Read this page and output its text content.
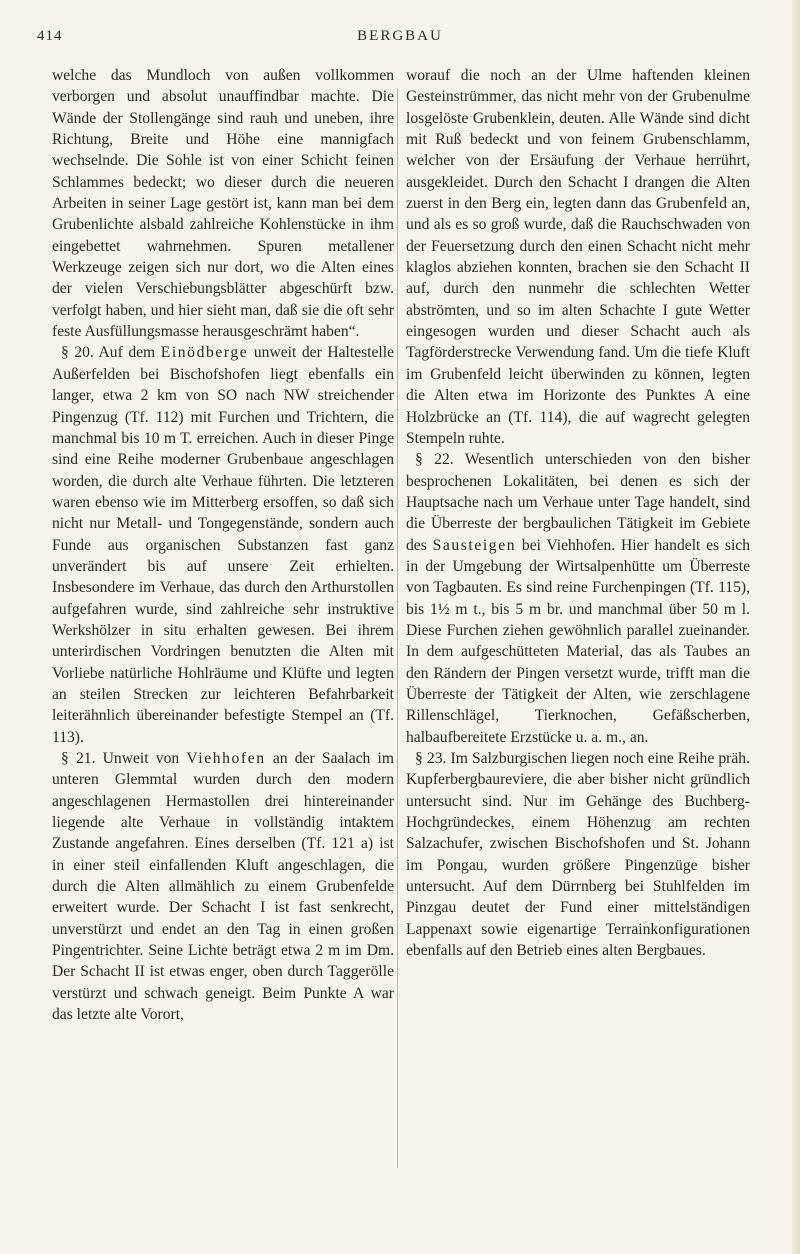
414	BERGBAU

welche das Mundloch von außen vollkommen verborgen und absolut unauffindbar machte. Die Wände der Stollengänge sind rauh und uneben, ihre Richtung, Breite und Höhe eine mannigfach wechselnde. Die Sohle ist von einer Schicht feinen Schlammes bedeckt; wo dieser durch die neueren Arbeiten in seiner Lage gestört ist, kann man bei dem Grubenlichte alsbald zahlreiche Kohlenstücke in ihm eingebettet wahrnehmen. Spuren metallener Werkzeuge zeigen sich nur dort, wo die Alten eines der vielen Verschiebungsblätter abgeschürft bzw. verfolgt haben, und hier sieht man, daß sie die oft sehr feste Ausfüllungsmasse herausgeschrämt haben“.

§ 20. Auf dem Einödberge unweit der Haltestelle Außerfelden bei Bischofshofen liegt ebenfalls ein langer, etwa 2 km von SO nach NW streichender Pingenzug (Tf. 112) mit Furchen und Trichtern, die manchmal bis 10 m T. erreichen. Auch in dieser Pinge sind eine Reihe moderner Grubenbaue angeschlagen worden, die durch alte Verhaue führten. Die letzteren waren ebenso wie im Mitterberg ersoffen, so daß sich nicht nur Metall- und Tongegenstände, sondern auch Funde aus organischen Substanzen fast ganz unverändert bis auf unsere Zeit erhielten. Insbesondere im Verhaue, das durch den Arthurstollen aufgefahren wurde, sind zahlreiche sehr instruktive Werkshölzer in situ erhalten gewesen. Bei ihrem unterirdischen Vordringen benutzten die Alten mit Vorliebe natürliche Hohlräume und Klüfte und legten an steilen Strecken zur leichteren Befahrbarkeit leiterähnlich übereinander befestigte Stempel an (Tf. 113).

§ 21. Unweit von Viehhofen an der Saalach im unteren Glemmtal wurden durch den modern angeschlagenen Hermastollen drei hintereinander liegende alte Verhaue in vollständig intaktem Zustande angefahren. Eines derselben (Tf. 121 a) ist in einer steil einfallenden Kluft angeschlagen, die durch die Alten allmählich zu einem Grubenfelde erweitert wurde. Der Schacht I ist fast senkrecht, unverstürzt und endet an den Tag in einen großen Pingentrichter. Seine Lichte beträgt etwa 2 m im Dm. Der Schacht II ist etwas enger, oben durch Taggerölle verstürzt und schwach geneigt. Beim Punkte A war das letzte alte Vorort,

worauf die noch an der Ulme haftenden kleinen Gesteinstrümmer, das nicht mehr von der Grubenulme losgelöste Grubenklein, deuten. Alle Wände sind dicht mit Ruß bedeckt und von feinem Grubenschlamm, welcher von der Ersäufung der Verhaue herrührt, ausgekleidet. Durch den Schacht I drangen die Alten zuerst in den Berg ein, legten dann das Grubenfeld an, und als es so groß wurde, daß die Rauchschwaden von der Feuersetzung durch den einen Schacht nicht mehr klaglos abziehen konnten, brachen sie den Schacht II auf, durch den nunmehr die schlechten Wetter abströmten, und so im alten Schachte I gute Wetter eingesogen wurden und dieser Schacht auch als Tagförderstrecke Verwendung fand. Um die tiefe Kluft im Grubenfeld leicht überwinden zu können, legten die Alten etwa im Horizonte des Punktes A eine Holzbrücke an (Tf. 114), die auf wagrecht gelegten Stempeln ruhte.

§ 22. Wesentlich unterschieden von den bisher besprochenen Lokalitäten, bei denen es sich der Hauptsache nach um Verhaue unter Tage handelt, sind die Überreste der bergbaulichen Tätigkeit im Gebiete des Sausteigen bei Viehhofen. Hier handelt es sich in der Umgebung der Wirtsalpenhütte um Überreste von Tagbauten. Es sind reine Furchenpingen (Tf. 115), bis 1½ m t., bis 5 m br. und manchmal über 50 m l. Diese Furchen ziehen gewöhnlich parallel zueinander. In dem aufgeschütteten Material, das als Taubes an den Rändern der Pingen versetzt wurde, trifft man die Überreste der Tätigkeit der Alten, wie zerschlagene Rillenschlägel, Tierknochen, Gefäßscherben, halbaufbereitete Erzstücke u. a. m., an.

§ 23. Im Salzburgischen liegen noch eine Reihe präh. Kupferbergbaureviere, die aber bisher nicht gründlich untersucht sind. Nur im Gehänge des Buchberg-Hochgründeckes, einem Höhenzug am rechten Salzachufer, zwischen Bischofshofen und St. Johann im Pongau, wurden größere Pingenzüge bisher untersucht. Auf dem Dürrnberg bei Stuhlfelden im Pinzgau deutet der Fund einer mittelständigen Lappenaxt sowie eigenartige Terrainkonfigurationen ebenfalls auf den Betrieb eines alten Bergbaues.
